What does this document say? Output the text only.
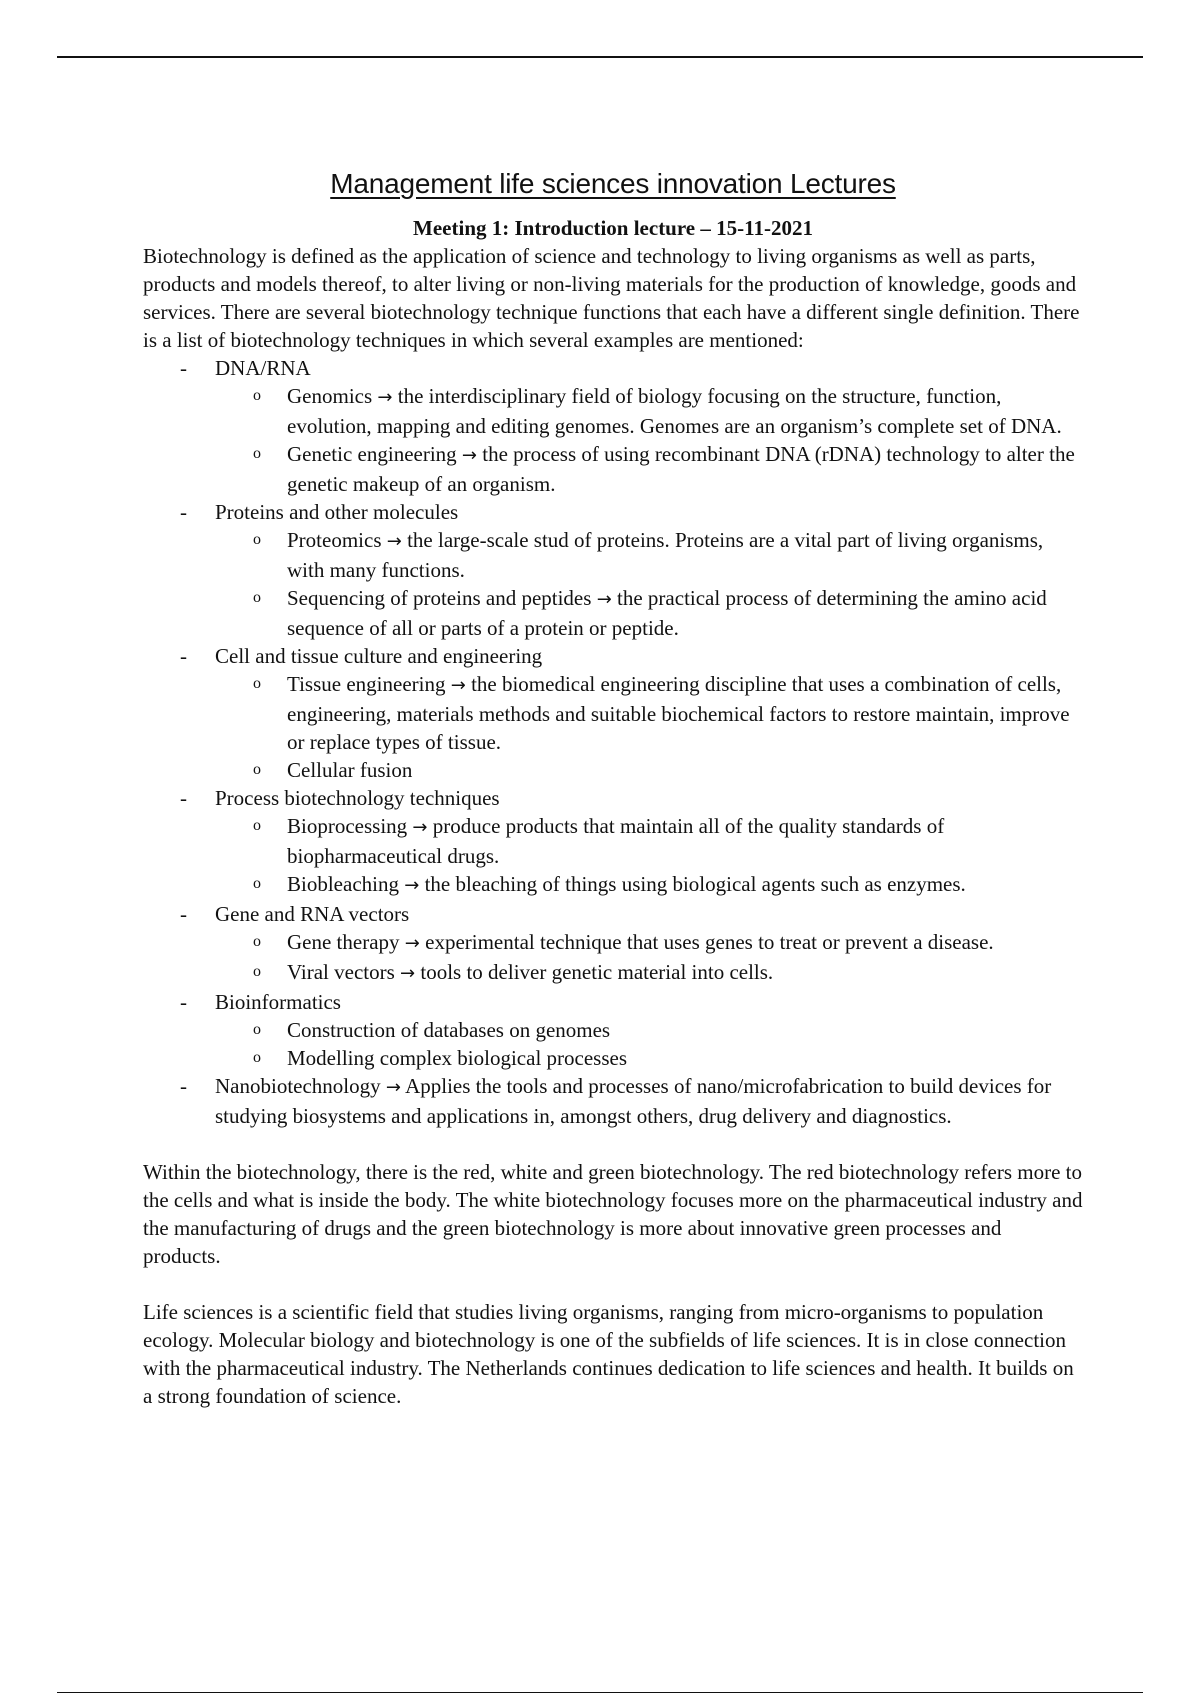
Management life sciences innovation Lectures
Meeting 1: Introduction lecture – 15-11-2021

Biotechnology is defined as the application of science and technology to living organisms as well as parts, products and models thereof, to alter living or non-living materials for the production of knowledge, goods and services. There are several biotechnology technique functions that each have a different single definition. There is a list of biotechnology techniques in which several examples are mentioned:

- DNA/RNA
o Genomics → the interdisciplinary field of biology focusing on the structure, function, evolution, mapping and editing genomes. Genomes are an organism’s complete set of DNA.
o Genetic engineering → the process of using recombinant DNA (rDNA) technology to alter the genetic makeup of an organism.
- Proteins and other molecules
o Proteomics → the large-scale stud of proteins. Proteins are a vital part of living organisms, with many functions.
o Sequencing of proteins and peptides → the practical process of determining the amino acid sequence of all or parts of a protein or peptide.
- Cell and tissue culture and engineering
o Tissue engineering → the biomedical engineering discipline that uses a combination of cells, engineering, materials methods and suitable biochemical factors to restore maintain, improve or replace types of tissue.
o Cellular fusion
- Process biotechnology techniques
o Bioprocessing → produce products that maintain all of the quality standards of biopharmaceutical drugs.
o Biobleaching → the bleaching of things using biological agents such as enzymes.
- Gene and RNA vectors
o Gene therapy → experimental technique that uses genes to treat or prevent a disease.
o Viral vectors → tools to deliver genetic material into cells.
- Bioinformatics
o Construction of databases on genomes
o Modelling complex biological processes
- Nanobiotechnology → Applies the tools and processes of nano/microfabrication to build devices for studying biosystems and applications in, amongst others, drug delivery and diagnostics.

Within the biotechnology, there is the red, white and green biotechnology. The red biotechnology refers more to the cells and what is inside the body. The white biotechnology focuses more on the pharmaceutical industry and the manufacturing of drugs and the green biotechnology is more about innovative green processes and products.

Life sciences is a scientific field that studies living organisms, ranging from micro-organisms to population ecology. Molecular biology and biotechnology is one of the subfields of life sciences. It is in close connection with the pharmaceutical industry. The Netherlands continues dedication to life sciences and health. It builds on a strong foundation of science.
